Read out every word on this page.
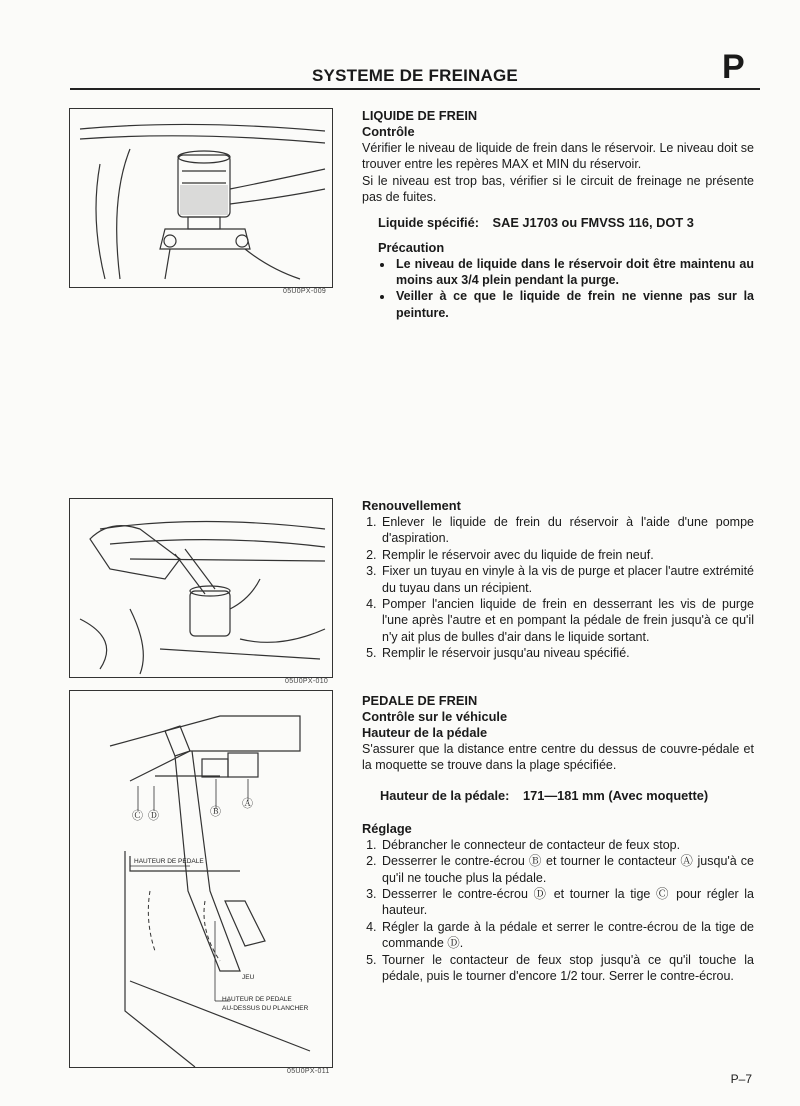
P
SYSTEME DE FREINAGE
05U0PX-009
LIQUIDE DE FREIN
Contrôle
Vérifier le niveau de liquide de frein dans le réservoir. Le niveau doit se trouver entre les repères MAX et MIN du réservoir.
Si le niveau est trop bas, vérifier si le circuit de freinage ne présente pas de fuites.
Liquide spécifié: SAE J1703 ou FMVSS 116, DOT 3
Précaution
• Le niveau de liquide dans le réservoir doit être maintenu au moins aux 3/4 plein pendant la purge.
• Veiller à ce que le liquide de frein ne vienne pas sur la peinture.
05U0PX-010
Renouvellement
1. Enlever le liquide de frein du réservoir à l'aide d'une pompe d'aspiration.
2. Remplir le réservoir avec du liquide de frein neuf.
3. Fixer un tuyau en vinyle à la vis de purge et placer l'autre extrémité du tuyau dans un récipient.
4. Pomper l'ancien liquide de frein en desserrant les vis de purge l'une après l'autre et en pompant la pédale de frein jusqu'à ce qu'il n'y ait plus de bulles d'air dans le liquide sortant.
5. Remplir le réservoir jusqu'au niveau spécifié.
Ⓒ Ⓓ	Ⓑ
Ⓐ
HAUTEUR DE PEDALE
JEU
HAUTEUR DE PEDALE
AU-DESSUS DU PLANCHER
05U0PX-011
PEDALE DE FREIN
Contrôle sur le véhicule
Hauteur de la pédale
S'assurer que la distance entre centre du dessus de couvre-pédale et la moquette se trouve dans la plage spécifiée.
Hauteur de la pédale: 171—181 mm (Avec moquette)
Réglage
1. Débrancher le connecteur de contacteur de feux stop.
2. Desserrer le contre-écrou Ⓑ et tourner le contacteur Ⓐ jusqu'à ce qu'il ne touche plus la pédale.
3. Desserrer le contre-écrou Ⓓ et tourner la tige Ⓒ pour régler la hauteur.
4. Régler la garde à la pédale et serrer le contre-écrou de la tige de commande Ⓓ.
5. Tourner le contacteur de feux stop jusqu'à ce qu'il touche la pédale, puis le tourner d'encore 1/2 tour. Serrer le contre-écrou.
P–7
